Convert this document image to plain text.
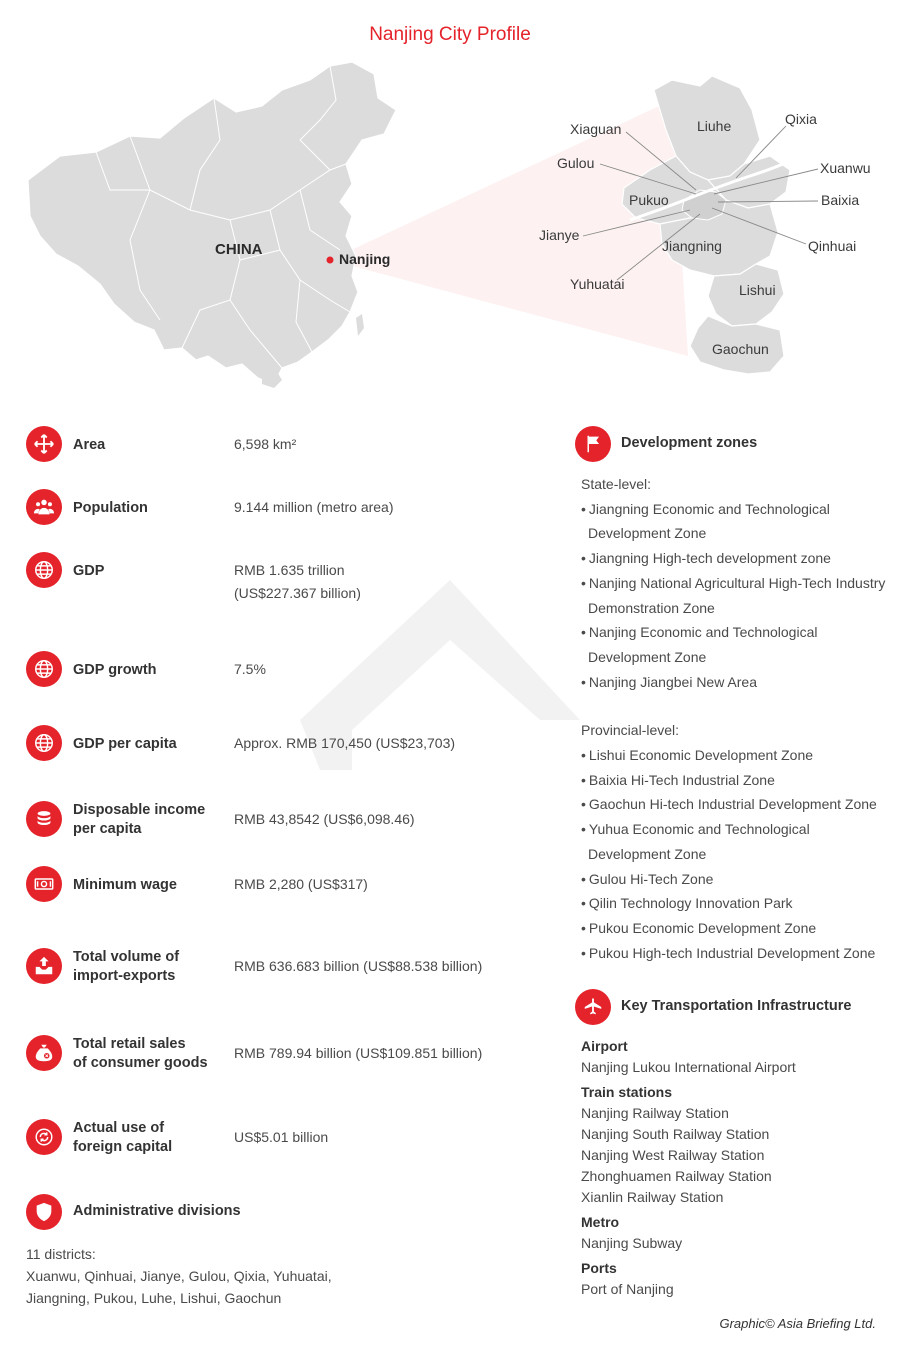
Nanjing City Profile
CHINA
Nanjing
Xiaguan	Liuhe	Qixia
Gulou	Xuanwu
Pukuo	Baixia
Jianye
Jiangning	Qinhuai
Yuhuatai	Lishui
Gaochun
Area	6,598 km²
Population	9.144 million (metro area)
GDP	RMB 1.635 trillion
(US$227.367 billion)
GDP growth	7.5%
GDP per capita	Approx. RMB 170,450 (US$23,703)
Disposable income
per capita
RMB 43,8542 (US$6,098.46)
Minimum wage	RMB 2,280 (US$317)
Total volume of
import-exports
RMB 636.683 billion (US$88.538 billion)
Total retail sales
of consumer goods
RMB 789.94 billion (US$109.851 billion)
Actual use of
foreign capital
US$5.01 billion
Administrative divisions
11 districts:
Xuanwu, Qinhuai, Jianye, Gulou, Qixia, Yuhuatai,
Jiangning, Pukou, Luhe, Lishui, Gaochun
Development zones
State-level:
• Jiangning Economic and Technological Development Zone
• Jiangning High-tech development zone
• Nanjing National Agricultural High-Tech Industry Demonstration Zone
• Nanjing Economic and Technological Development Zone
• Nanjing Jiangbei New Area
Provincial-level:
• Lishui Economic Development Zone
• Baixia Hi-Tech Industrial Zone
• Gaochun Hi-tech Industrial Development Zone
• Yuhua Economic and Technological Development Zone
• Gulou Hi-Tech Zone
• Qilin Technology Innovation Park
• Pukou Economic Development Zone
• Pukou High-tech Industrial Development Zone
Key Transportation Infrastructure
Airport
Nanjing Lukou International Airport
Train stations
Nanjing Railway Station
Nanjing South Railway Station
Nanjing West Railway Station
Zhonghuamen Railway Station
Xianlin Railway Station
Metro
Nanjing Subway
Ports
Port of Nanjing
Graphic© Asia Briefing Ltd.
